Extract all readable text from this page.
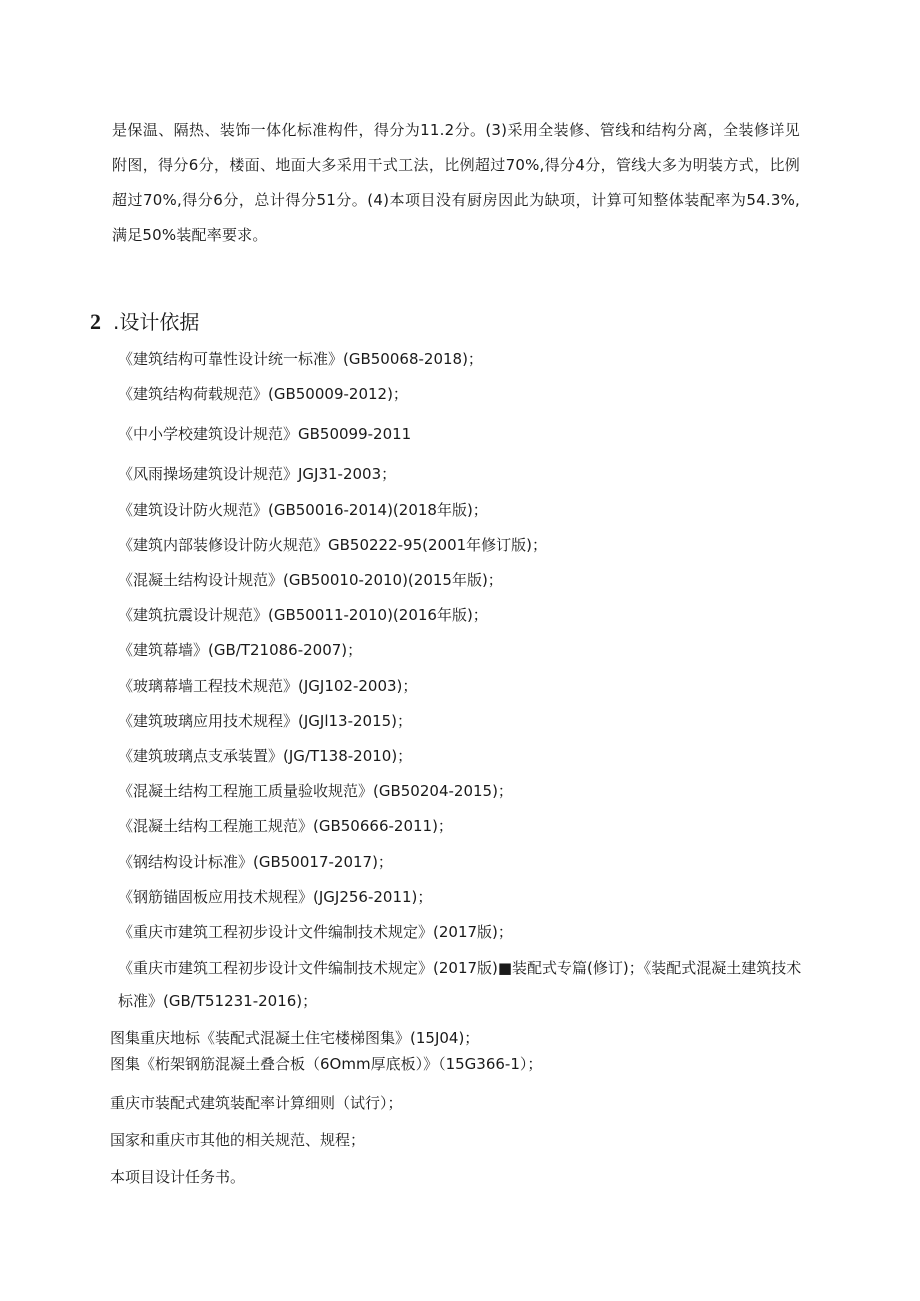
是保温、隔热、装饰一体化标准构件，得分为11.2分。(3)采用全装修、管线和结构分离，全装修详见附图，得分6分，楼面、地面大多采用干式工法，比例超过70%,得分4分，管线大多为明装方式，比例超过70%,得分6分，总计得分51分。(4)本项目没有厨房因此为缺项，计算可知整体装配率为54.3%,满足50%装配率要求。

2 .设计依据
《建筑结构可靠性设计统一标准》(GB50068-2018)；
《建筑结构荷载规范》(GB50009-2012)；
《中小学校建筑设计规范》GB50099-2011
《风雨操场建筑设计规范》JGJ31-2003；
《建筑设计防火规范》(GB50016-2014)(2018年版)；
《建筑内部装修设计防火规范》GB50222-95(2001年修订版)；
《混凝土结构设计规范》(GB50010-2010)(2015年版)；
《建筑抗震设计规范》(GB50011-2010)(2016年版)；
《建筑幕墙》(GB/T21086-2007)；
《玻璃幕墙工程技术规范》(JGJ102-2003)；
《建筑玻璃应用技术规程》(JGJl13-2015)；
《建筑玻璃点支承装置》(JG/T138-2010)；
《混凝土结构工程施工质量验收规范》(GB50204-2015)；
《混凝土结构工程施工规范》(GB50666-2011)；
《钢结构设计标准》(GB50017-2017)；
《钢筋锚固板应用技术规程》(JGJ256-2011)；
《重庆市建筑工程初步设计文件编制技术规定》(2017版)；
《重庆市建筑工程初步设计文件编制技术规定》(2017版)■装配式专篇(修订)；《装配式混凝土建筑技术标准》(GB/T51231-2016)；
图集重庆地标《装配式混凝土住宅楼梯图集》(15J04)；
图集《桁架钢筋混凝土叠合板（6Omm厚底板）》（15G366-1）；
重庆市装配式建筑装配率计算细则（试行）；
国家和重庆市其他的相关规范、规程；
本项目设计任务书。
